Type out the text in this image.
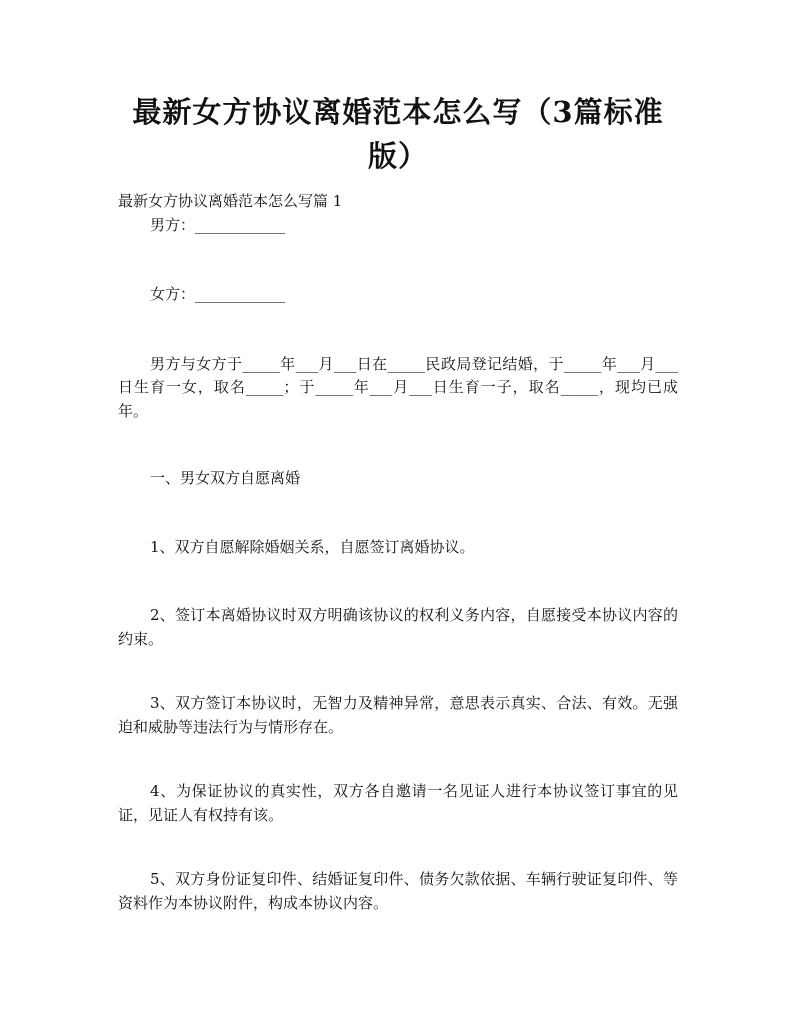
最新女方协议离婚范本怎么写（3篇标准版）
最新女方协议离婚范本怎么写篇 1

男方：____________

女方：____________

男方与女方于_____年___月___日在_____民政局登记结婚，于_____年___月___日生育一女，取名_____；于_____年___月___日生育一子，取名_____，现均已成年。

一、男女双方自愿离婚

1、双方自愿解除婚姻关系，自愿签订离婚协议。

2、签订本离婚协议时双方明确该协议的权利义务内容，自愿接受本协议内容的约束。

3、双方签订本协议时，无智力及精神异常，意思表示真实、合法、有效。无强迫和威胁等违法行为与情形存在。

4、为保证协议的真实性，双方各自邀请一名见证人进行本协议签订事宜的见证，见证人有权持有该。

5、双方身份证复印件、结婚证复印件、债务欠款依据、车辆行驶证复印件、等资料作为本协议附件，构成本协议内容。
